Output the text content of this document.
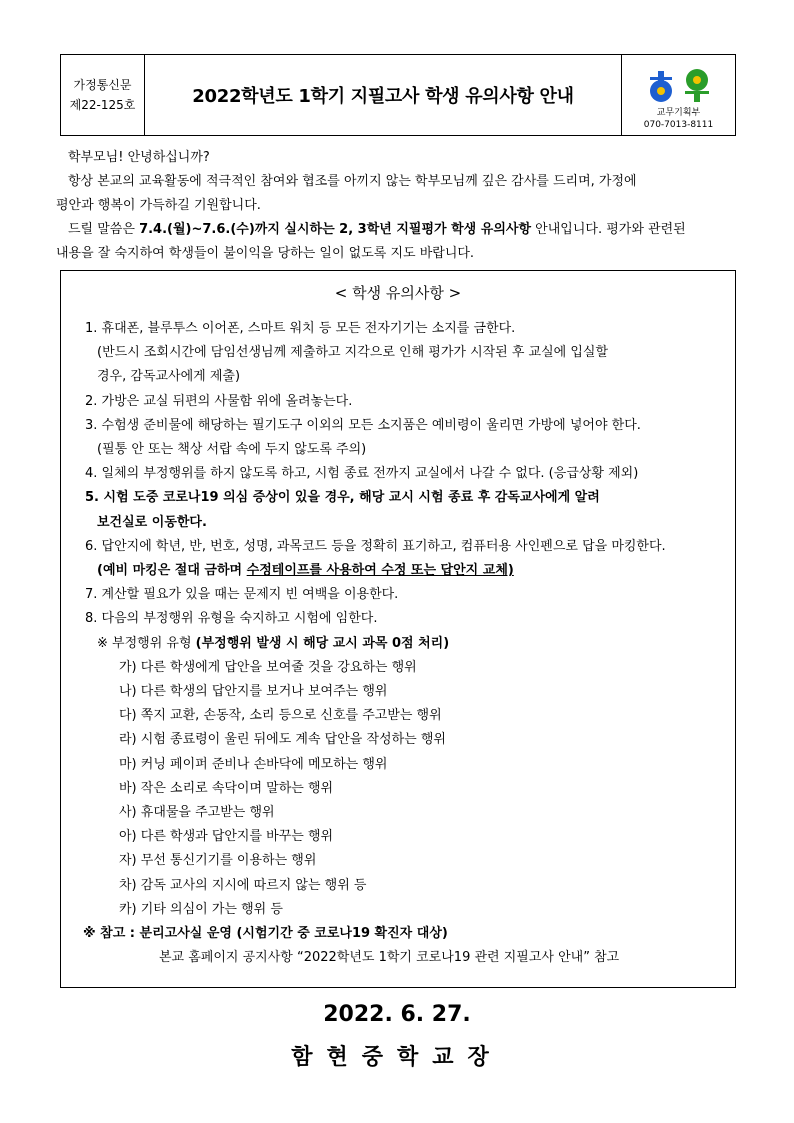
가정통신문
제22-125호	2022학년도 1학기 지필고사 학생 유의사항 안내
교무기획부
070-7013-8111

학부모님! 안녕하십니까?

항상 본교의 교육활동에 적극적인 참여와 협조를 아끼지 않는 학부모님께 깊은 감사를 드리며, 가정에

평안과 행복이 가득하길 기원합니다.

드릴 말씀은 7.4.(월)~7.6.(수)까지 실시하는 2, 3학년 지필평가 학생 유의사항 안내입니다. 평가와 관련된

내용을 잘 숙지하여 학생들이 불이익을 당하는 일이 없도록 지도 바랍니다.

< 학생 유의사항 >
1. 휴대폰, 블루투스 이어폰, 스마트 워치 등 모든 전자기기는 소지를 금한다.
(반드시 조회시간에 담임선생님께 제출하고 지각으로 인해 평가가 시작된 후 교실에 입실할
경우, 감독교사에게 제출)
2. 가방은 교실 뒤편의 사물함 위에 올려놓는다.
3. 수험생 준비물에 해당하는 필기도구 이외의 모든 소지품은 예비령이 울리면 가방에 넣어야 한다.
(필통 안 또는 책상 서랍 속에 두지 않도록 주의)
4. 일체의 부정행위를 하지 않도록 하고, 시험 종료 전까지 교실에서 나갈 수 없다. (응급상황 제외)
5. 시험 도중 코로나19 의심 증상이 있을 경우, 해당 교시 시험 종료 후 감독교사에게 알려
보건실로 이동한다.
6. 답안지에 학년, 반, 번호, 성명, 과목코드 등을 정확히 표기하고, 컴퓨터용 사인펜으로 답을 마킹한다.
(예비 마킹은 절대 금하며 수정테이프를 사용하여 수정 또는 답안지 교체)
7. 계산할 필요가 있을 때는 문제지 빈 여백을 이용한다.
8. 다음의 부정행위 유형을 숙지하고 시험에 임한다.
※ 부정행위 유형 (부정행위 발생 시 해당 교시 과목 0점 처리)
가) 다른 학생에게 답안을 보여줄 것을 강요하는 행위
나) 다른 학생의 답안지를 보거나 보여주는 행위
다) 쪽지 교환, 손동작, 소리 등으로 신호를 주고받는 행위
라) 시험 종료령이 울린 뒤에도 계속 답안을 작성하는 행위
마) 커닝 페이퍼 준비나 손바닥에 메모하는 행위
바) 작은 소리로 속닥이며 말하는 행위
사) 휴대물을 주고받는 행위
아) 다른 학생과 답안지를 바꾸는 행위
자) 무선 통신기기를 이용하는 행위
차) 감독 교사의 지시에 따르지 않는 행위 등
카) 기타 의심이 가는 행위 등
※ 참고 : 분리고사실 운영 (시험기간 중 코로나19 확진자 대상)
본교 홈페이지 공지사항 “2022학년도 1학기 코로나19 관련 지필고사 안내” 참고
2022. 6. 27.
함현중학교장
